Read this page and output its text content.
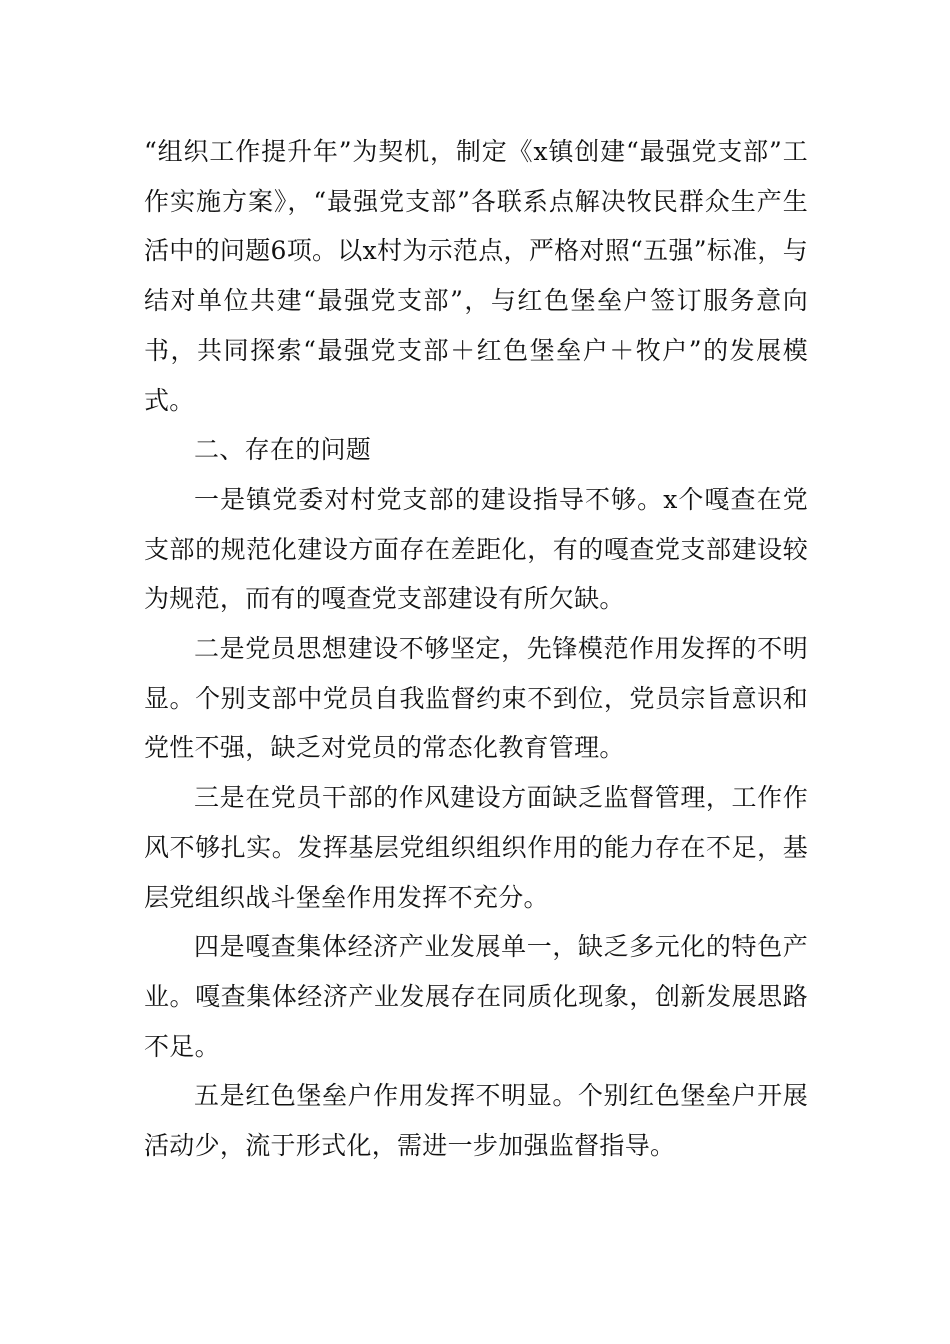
“组织工作提升年”为契机，制定《x镇创建“最强党支部”工作实施方案》，“最强党支部”各联系点解决牧民群众生产生活中的问题6项。以x村为示范点，严格对照“五强”标准，与结对单位共建“最强党支部”，与红色堡垒户签订服务意向书，共同探索“最强党支部＋红色堡垒户＋牧户”的发展模式。

二、存在的问题

一是镇党委对村党支部的建设指导不够。x个嘎查在党支部的规范化建设方面存在差距化，有的嘎查党支部建设较为规范，而有的嘎查党支部建设有所欠缺。

二是党员思想建设不够坚定，先锋模范作用发挥的不明显。个别支部中党员自我监督约束不到位，党员宗旨意识和党性不强，缺乏对党员的常态化教育管理。

三是在党员干部的作风建设方面缺乏监督管理，工作作风不够扎实。发挥基层党组织组织作用的能力存在不足，基层党组织战斗堡垒作用发挥不充分。

四是嘎查集体经济产业发展单一，缺乏多元化的特色产业。嘎查集体经济产业发展存在同质化现象，创新发展思路不足。

五是红色堡垒户作用发挥不明显。个别红色堡垒户开展活动少，流于形式化，需进一步加强监督指导。
